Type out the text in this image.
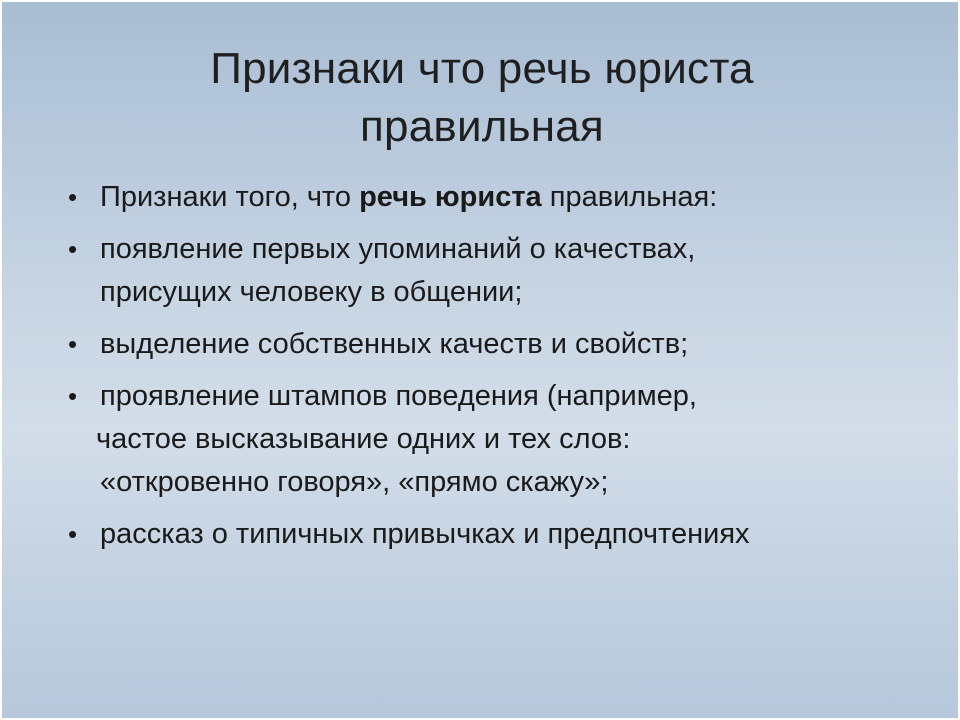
Признаки что речь юриста
правильная
• Признаки того, что речь юриста правильная:
• появление первых упоминаний о качествах,
присущих человеку в общении;
• выделение собственных качеств и свойств;
• проявление штампов поведения (например,
частое высказывание одних и тех слов:
«откровенно говоря», «прямо скажу»;
• рассказ о типичных привычках и предпочтениях
